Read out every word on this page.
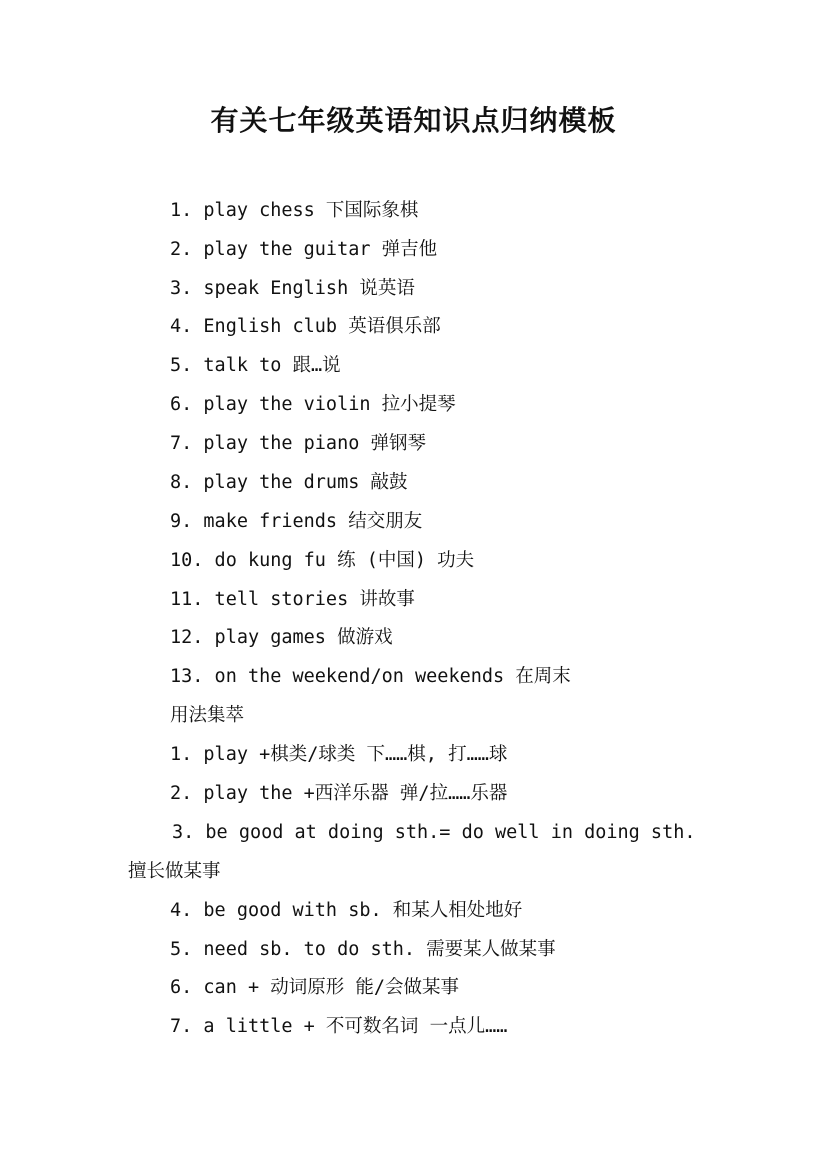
有关七年级英语知识点归纳模板
1. play chess 下国际象棋
2. play the guitar 弹吉他
3. speak English 说英语
4. English club 英语俱乐部
5. talk to 跟…说
6. play the violin 拉小提琴
7. play the piano 弹钢琴
8. play the drums 敲鼓
9. make friends 结交朋友
10. do kung fu 练 (中国) 功夫
11. tell stories 讲故事
12. play games 做游戏
13. on the weekend/on weekends 在周末
用法集萃
1. play +棋类/球类 下……棋, 打……球
2. play the +西洋乐器 弹/拉……乐器
3. be good at doing sth.= do well in doing sth.
擅长做某事
4. be good with sb. 和某人相处地好
5. need sb. to do sth. 需要某人做某事
6. can + 动词原形 能/会做某事
7. a little + 不可数名词 一点儿……
